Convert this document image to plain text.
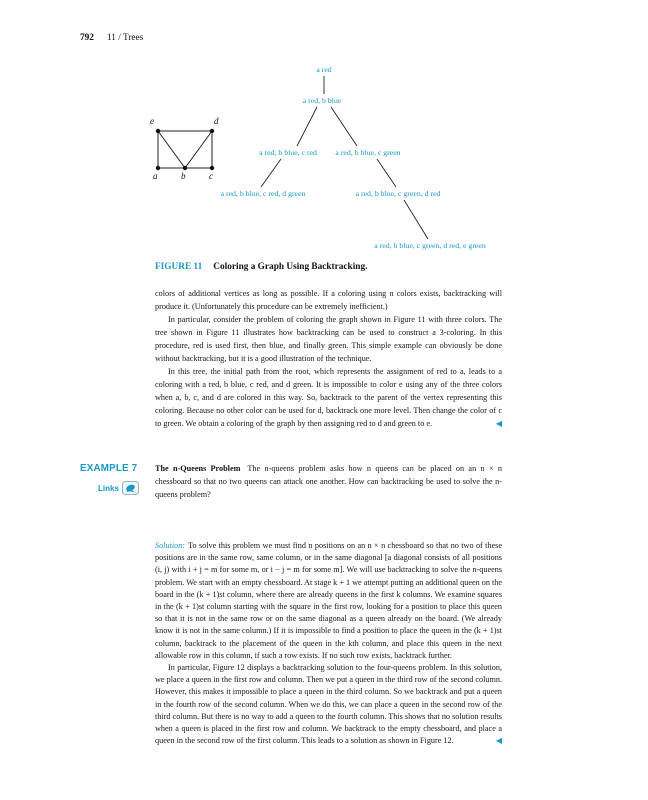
792 11 / Trees
e	d
a	b	c
a red
a red, b blue
a red, b blue, c red a red, b blue, c green
a red, b blue, c red, d green	a red, b blue, c green, d red
a red, b blue, c green, d red, e green
FIGURE 11 Coloring a Graph Using Backtracking.

colors of additional vertices as long as possible. If a coloring using n colors exists, backtracking will produce it. (Unfortunately this procedure can be extremely inefficient.)

In particular, consider the problem of coloring the graph shown in Figure 11 with three colors. The tree shown in Figure 11 illustrates how backtracking can be used to construct a 3-coloring. In this procedure, red is used first, then blue, and finally green. This simple example can obviously be done without backtracking, but it is a good illustration of the technique.

In this tree, the initial path from the root, which represents the assignment of red to a, leads to a coloring with a red, b blue, c red, and d green. It is impossible to color e using any of the three colors when a, b, c, and d are colored in this way. So, backtrack to the parent of the vertex representing this coloring. Because no other color can be used for d, backtrack one more level. Then change the color of c to green. We obtain a coloring of the graph by then assigning red to d and green to e.	◀

EXAMPLE 7
Links

The n-Queens Problem The n-queens problem asks how n queens can be placed on an n × n chessboard so that no two queens can attack one another. How can backtracking be used to solve the n-queens problem?

Solution: To solve this problem we must find n positions on an n × n chessboard so that no two of these positions are in the same row, same column, or in the same diagonal [a diagonal consists of all positions (i, j) with i + j = m for some m, or i − j = m for some m]. We will use backtracking to solve the n-queens problem. We start with an empty chessboard. At stage k + 1 we attempt putting an additional queen on the board in the (k + 1)st column, where there are already queens in the first k columns. We examine squares in the (k + 1)st column starting with the square in the first row, looking for a position to place this queen so that it is not in the same row or on the same diagonal as a queen already on the board. (We already know it is not in the same column.) If it is impossible to find a position to place the queen in the (k + 1)st column, backtrack to the placement of the queen in the kth column, and place this queen in the next allowable row in this column, if such a row exists. If no such row exists, backtrack further.

In particular, Figure 12 displays a backtracking solution to the four-queens problem. In this solution, we place a queen in the first row and column. Then we put a queen in the third row of the second column. However, this makes it impossible to place a queen in the third column. So we backtrack and put a queen in the fourth row of the second column. When we do this, we can place a queen in the second row of the third column. But there is no way to add a queen to the fourth column. This shows that no solution results when a queen is placed in the first row and column. We backtrack to the empty chessboard, and place a queen in the second row of the first column. This leads to a solution as shown in Figure 12.	◀
